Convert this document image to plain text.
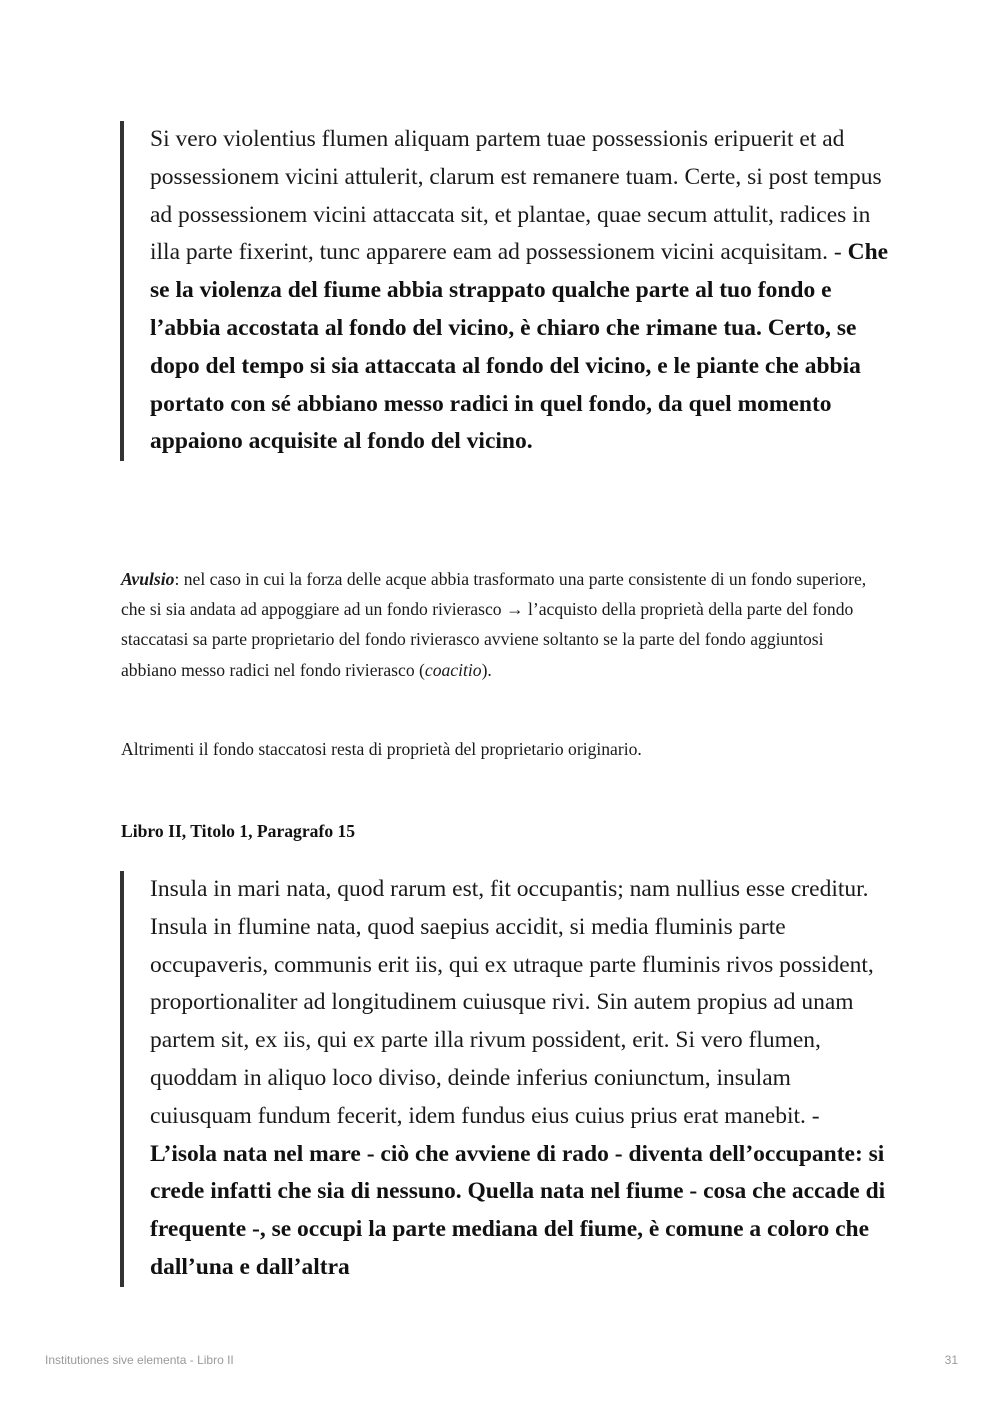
Si vero violentius flumen aliquam partem tuae possessionis eripuerit et ad possessionem vicini attulerit, clarum est remanere tuam. Certe, si post tempus ad possessionem vicini attaccata sit, et plantae, quae secum attulit, radices in illa parte fixerint, tunc apparere eam ad possessionem vicini acquisitam. - Che se la violenza del fiume abbia strappato qualche parte al tuo fondo e l’abbia accostata al fondo del vicino, è chiaro che rimane tua. Certo, se dopo del tempo si sia attaccata al fondo del vicino, e le piante che abbia portato con sé abbiano messo radici in quel fondo, da quel momento appaiono acquisite al fondo del vicino.

Avulsio: nel caso in cui la forza delle acque abbia trasformato una parte consistente di un fondo superiore, che si sia andata ad appoggiare ad un fondo rivierasco → l’acquisto della proprietà della parte del fondo staccatasi sa parte proprietario del fondo rivierasco avviene soltanto se la parte del fondo aggiuntosi abbiano messo radici nel fondo rivierasco (coacitio).

Altrimenti il fondo staccatosi resta di proprietà del proprietario originario.

Libro II, Titolo 1, Paragrafo 15
Insula in mari nata, quod rarum est, fit occupantis; nam nullius esse creditur. Insula in flumine nata, quod saepius accidit, si media fluminis parte occupaveris, communis erit iis, qui ex utraque parte fluminis rivos possident, proportionaliter ad longitudinem cuiusque rivi. Sin autem propius ad unam partem sit, ex iis, qui ex parte illa rivum possident, erit. Si vero flumen, quoddam in aliquo loco diviso, deinde inferius coniunctum, insulam cuiusquam fundum fecerit, idem fundus eius cuius prius erat manebit. - L’isola nata nel mare - ciò che avviene di rado - diventa dell’occupante: si crede infatti che sia di nessuno. Quella nata nel fiume - cosa che accade di frequente -, se occupi la parte mediana del fiume, è comune a coloro che dall’una e dall’altra
Institutiones sive elementa - Libro II	31
